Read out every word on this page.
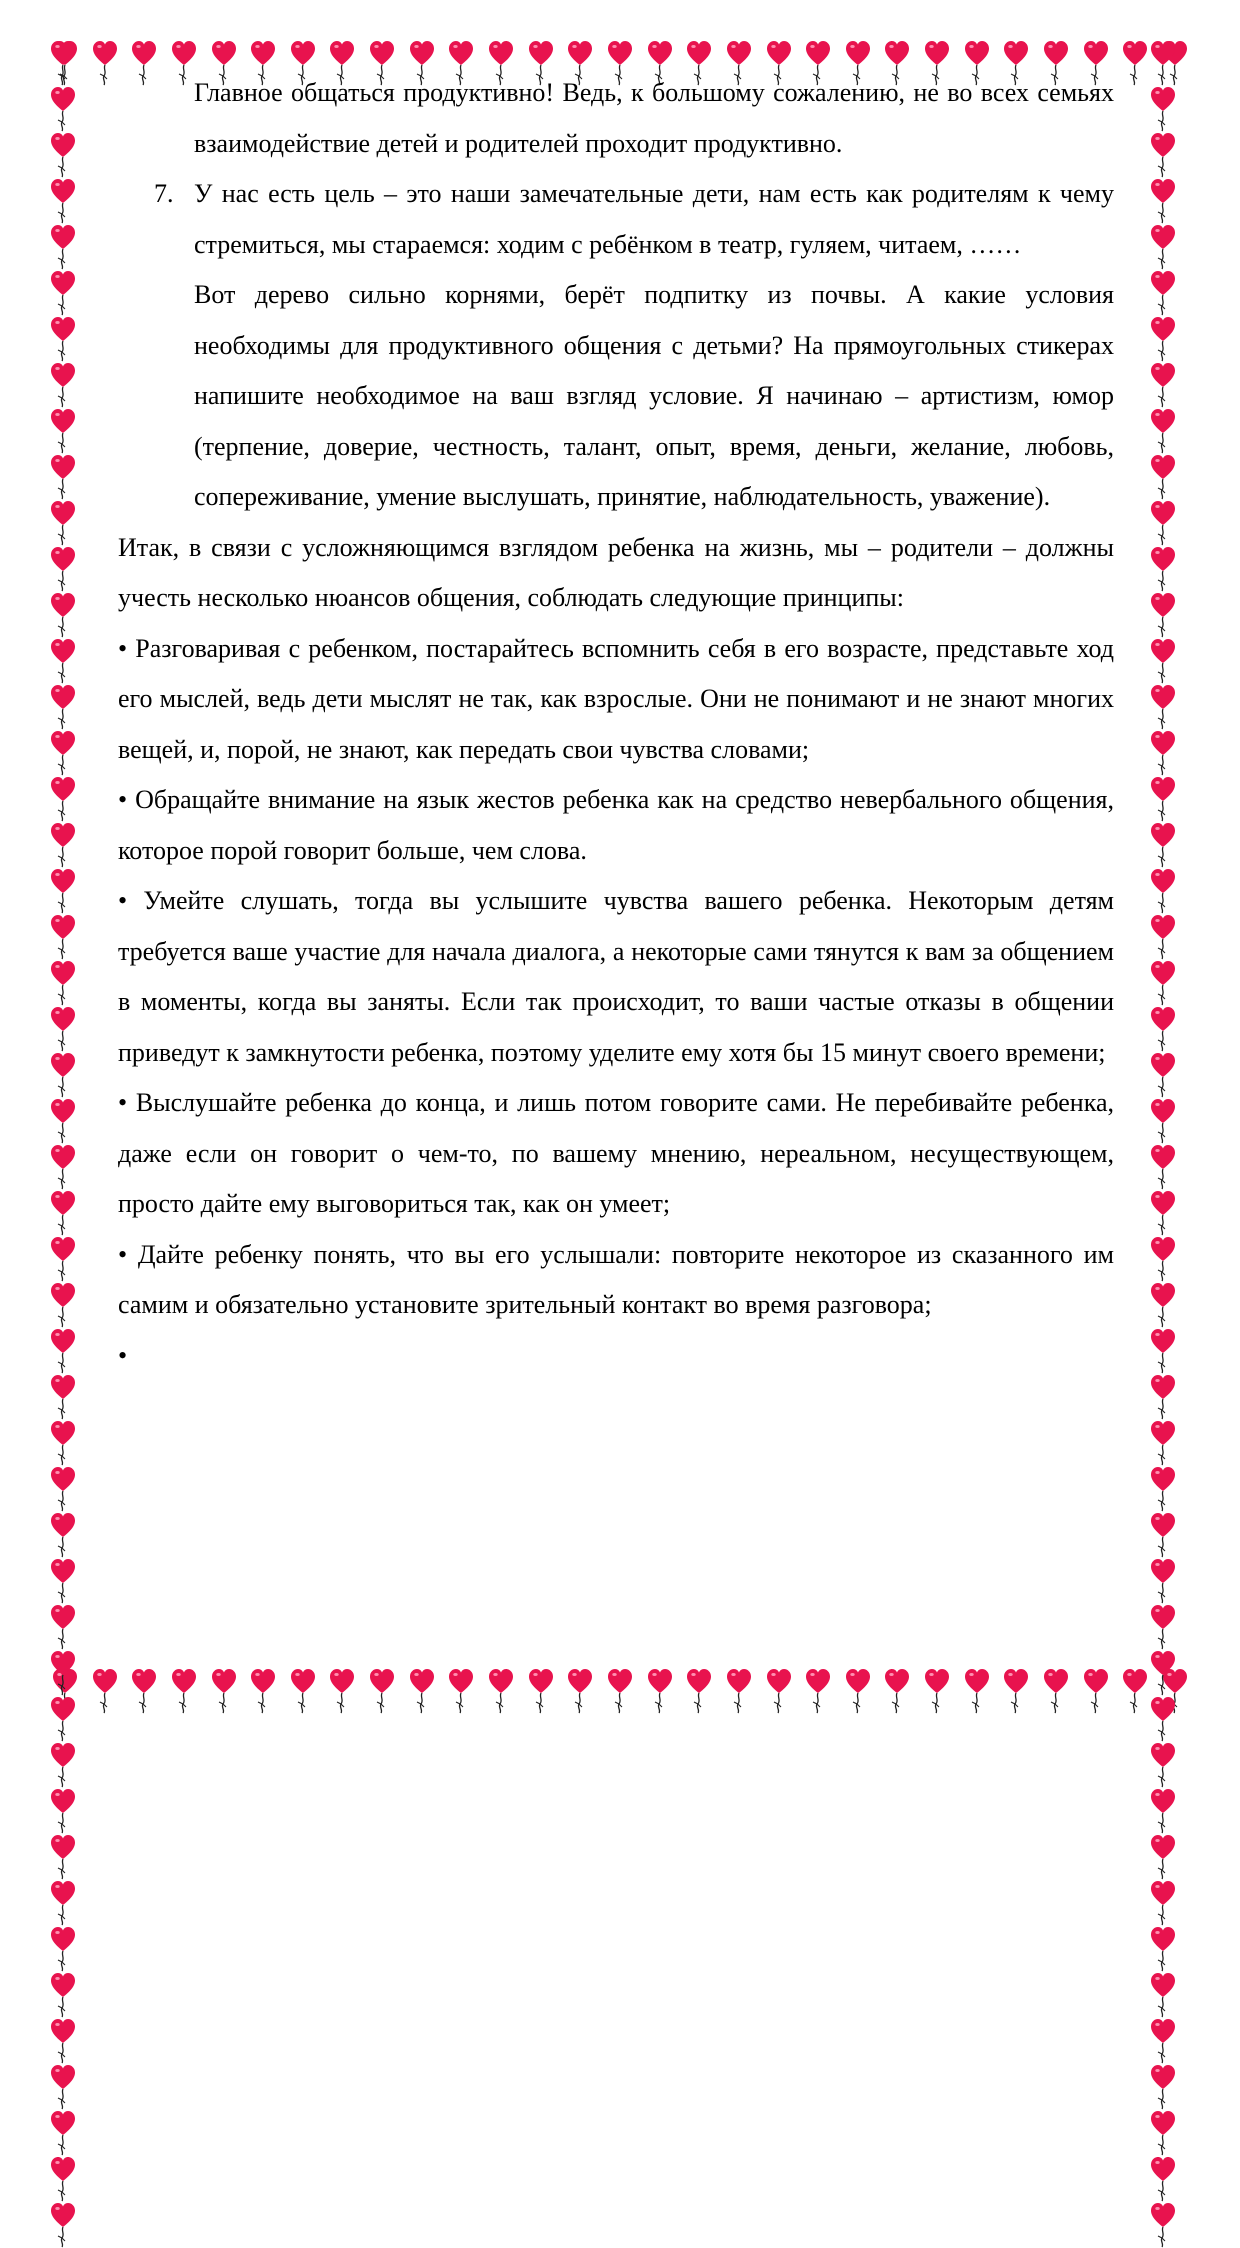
Главное общаться продуктивно! Ведь, к большому сожалению, не во всех семьях взаимодействие детей и родителей проходит продуктивно.

7. У нас есть цель – это наши замечательные дети, нам есть как родителям к чему стремиться, мы стараемся: ходим с ребёнком в театр, гуляем, читаем, ……

Вот дерево сильно корнями, берёт подпитку из почвы. А какие условия необходимы для продуктивного общения с детьми? На прямоугольных стикерах напишите необходимое на ваш взгляд условие. Я начинаю – артистизм, юмор (терпение, доверие, честность, талант, опыт, время, деньги, желание, любовь, сопереживание, умение выслушать, принятие, наблюдательность, уважение).

Итак, в связи с усложняющимся взглядом ребенка на жизнь, мы – родители – должны учесть несколько нюансов общения, соблюдать следующие принципы:

• Разговаривая с ребенком, постарайтесь вспомнить себя в его возрасте, представьте ход его мыслей, ведь дети мыслят не так, как взрослые. Они не понимают и не знают многих вещей, и, порой, не знают, как передать свои чувства словами;

• Обращайте внимание на язык жестов ребенка как на средство невербального общения, которое порой говорит больше, чем слова.

• Умейте слушать, тогда вы услышите чувства вашего ребенка. Некоторым детям требуется ваше участие для начала диалога, а некоторые сами тянутся к вам за общением в моменты, когда вы заняты. Если так происходит, то ваши частые отказы в общении приведут к замкнутости ребенка, поэтому уделите ему хотя бы 15 минут своего времени;

• Выслушайте ребенка до конца, и лишь потом говорите сами. Не перебивайте ребенка, даже если он говорит о чем-то, по вашему мнению, нереальном, несуществующем, просто дайте ему выговориться так, как он умеет;

• Дайте ребенку понять, что вы его услышали: повторите некоторое из сказанного им самим и обязательно установите зрительный контакт во время разговора;

•
